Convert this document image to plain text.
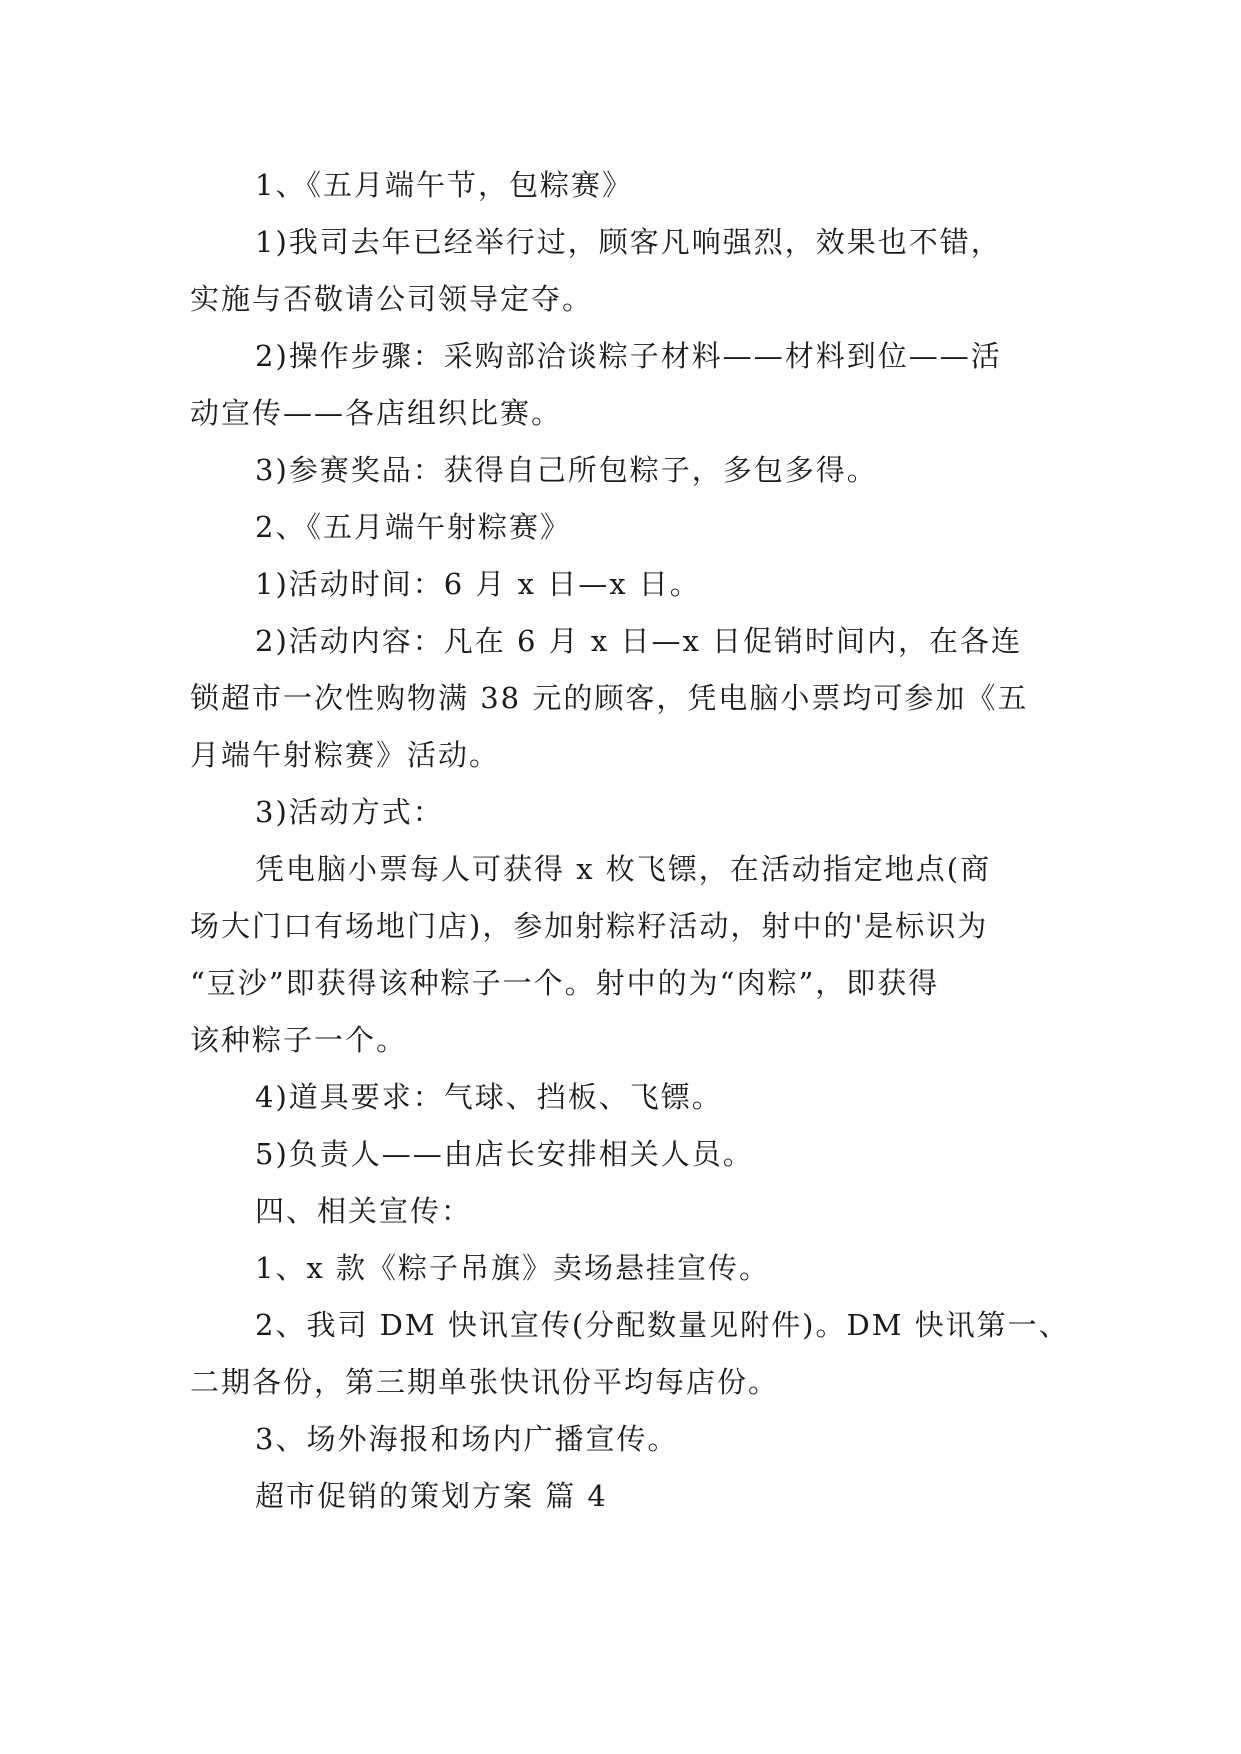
1、《五月端午节，包粽赛》

1)我司去年已经举行过，顾客凡响强烈，效果也不错，

实施与否敬请公司领导定夺。

2)操作步骤：采购部洽谈粽子材料——材料到位——活

动宣传——各店组织比赛。

3)参赛奖品：获得自己所包粽子，多包多得。

2、《五月端午射粽赛》

1)活动时间：6 月 x 日—x 日。

2)活动内容：凡在 6 月 x 日—x 日促销时间内，在各连

锁超市一次性购物满 38 元的顾客，凭电脑小票均可参加《五

月端午射粽赛》活动。

3)活动方式：

凭电脑小票每人可获得 x 枚飞镖，在活动指定地点(商

场大门口有场地门店)，参加射粽籽活动，射中的'是标识为

“豆沙”即获得该种粽子一个。射中的为“肉粽”，即获得

该种粽子一个。

4)道具要求：气球、挡板、飞镖。

5)负责人——由店长安排相关人员。

四、相关宣传：

1、x 款《粽子吊旗》卖场悬挂宣传。

2、我司 DM 快讯宣传(分配数量见附件)。DM 快讯第一、

二期各份，第三期单张快讯份平均每店份。

3、场外海报和场内广播宣传。

超市促销的策划方案 篇 4
